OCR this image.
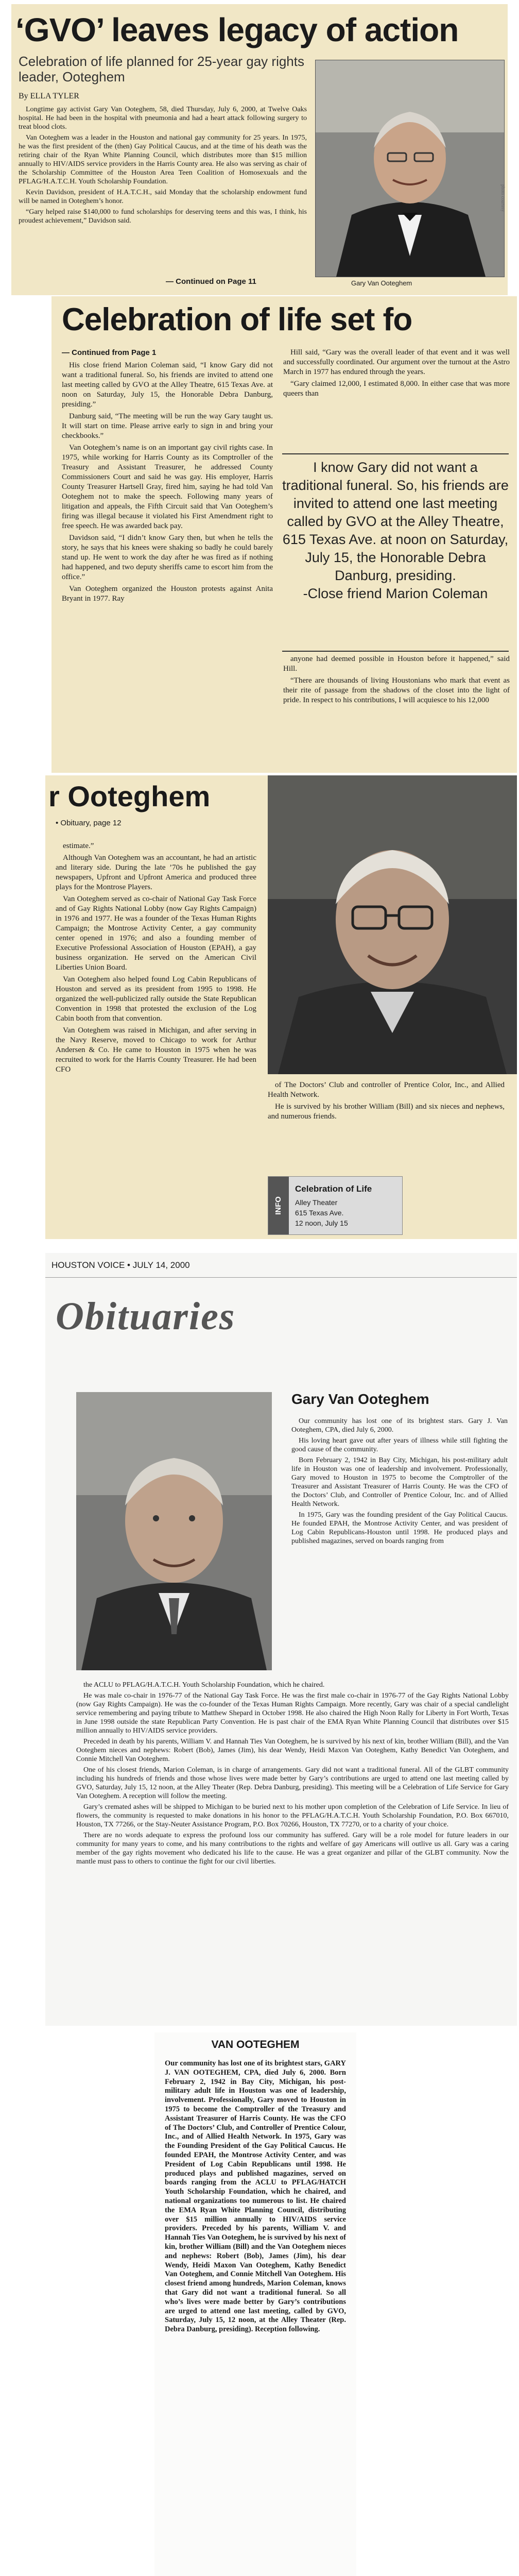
‘GVO’ leaves legacy of action
Celebration of life planned for 25-year gay rights leader, Ooteghem
By ELLA TYLER

Longtime gay activist Gary Van Ooteghem, 58, died Thursday, July 6, 2000, at Twelve Oaks hospital. He had been in the hospital with pneumonia and had a heart attack following surgery to treat blood clots.

Van Ooteghem was a leader in the Houston and national gay community for 25 years. In 1975, he was the first president of the (then) Gay Political Caucus, and at the time of his death was the retiring chair of the Ryan White Planning Council, which distributes more than $15 million annually to HIV/AIDS service providers in the Harris County area. He also was serving as chair of the Scholarship Committee of the Houston Area Teen Coalition of Homosexuals and the PFLAG/H.A.T.C.H. Youth Scholarship Foundation.

Kevin Davidson, president of H.A.T.C.H., said Monday that the scholarship endowment fund will be named in Ooteghem’s honor.

“Gary helped raise $140,000 to fund scholarships for deserving teens and this was, I think, his proudest achievement,” Davidson said.

— Continued on Page 11
photo courtesy
Gary Van Ooteghem
Celebration of life set fo
— Continued from Page 1

His close friend Marion Coleman said, “I know Gary did not want a traditional funeral. So, his friends are invited to attend one last meeting called by GVO at the Alley Theatre, 615 Texas Ave. at noon on Saturday, July 15, the Honorable Debra Danburg, presiding.”

Danburg said, “The meeting will be run the way Gary taught us. It will start on time. Please arrive early to sign in and bring your checkbooks.”

Van Ooteghem’s name is on an important gay civil rights case. In 1975, while working for Harris County as its Comptroller of the Treasury and Assistant Treasurer, he addressed County Commissioners Court and said he was gay. His employer, Harris County Treasurer Hartsell Gray, fired him, saying he had told Van Ooteghem not to make the speech. Following many years of litigation and appeals, the Fifth Circuit said that Van Ooteghem’s firing was illegal because it violated his First Amendment right to free speech. He was awarded back pay.

Davidson said, “I didn’t know Gary then, but when he tells the story, he says that his knees were shaking so badly he could barely stand up. He went to work the day after he was fired as if nothing had happened, and two deputy sheriffs came to escort him from the office.”

Van Ooteghem organized the Houston protests against Anita Bryant in 1977. Ray

Hill said, “Gary was the overall leader of that event and it was well and successfully coordinated. Our argument over the turnout at the Astro March in 1977 has endured through the years.

“Gary claimed 12,000, I estimated 8,000. In either case that was more queers than

I know Gary did not want a traditional funeral. So, his friends are invited to attend one last meeting called by GVO at the Alley Theatre, 615 Texas Ave. at noon on Saturday, July 15, the Honorable Debra Danburg, presiding.
-Close friend Marion Coleman

anyone had deemed possible in Houston before it happened,” said Hill.

“There are thousands of living Houstonians who mark that event as their rite of passage from the shadows of the closet into the light of pride. In respect to his contributions, I will acquiesce to his 12,000

r Ooteghem
• Obituary, page 12

estimate.”

Although Van Ooteghem was an accountant, he had an artistic and literary side. During the late ’70s he published the gay newspapers, Upfront and Upfront America and produced three plays for the Montrose Players.

Van Ooteghem served as co-chair of National Gay Task Force and of Gay Rights National Lobby (now Gay Rights Campaign) in 1976 and 1977. He was a founder of the Texas Human Rights Campaign; the Montrose Activity Center, a gay community center opened in 1976; and also a founding member of Executive Professional Association of Houston (EPAH), a gay business organization. He served on the American Civil Liberties Union Board.

Van Ooteghem also helped found Log Cabin Republicans of Houston and served as its president from 1995 to 1998. He organized the well-publicized rally outside the State Republican Convention in 1998 that protested the exclusion of the Log Cabin booth from that convention.

Van Ooteghem was raised in Michigan, and after serving in the Navy Reserve, moved to Chicago to work for Arthur Andersen & Co. He came to Houston in 1975 when he was recruited to work for the Harris County Treasurer. He had been CFO

of The Doctors’ Club and controller of Prentice Color, Inc., and Allied Health Network.

He is survived by his brother William (Bill) and six nieces and nephews, and numerous friends.

INFO
Celebration of Life
Alley Theater
615 Texas Ave.
12 noon, July 15
HOUSTON VOICE • JULY 14, 2000
Obituaries
Gary Van Ooteghem

Our community has lost one of its brightest stars. Gary J. Van Ooteghem, CPA, died July 6, 2000.

His loving heart gave out after years of illness while still fighting the good cause of the community.

Born February 2, 1942 in Bay City, Michigan, his post-military adult life in Houston was one of leadership and involvement. Professionally, Gary moved to Houston in 1975 to become the Comptroller of the Treasurer and Assistant Treasurer of Harris County. He was the CFO of the Doctors’ Club, and Controller of Prentice Colour, Inc. and of Allied Health Network.

In 1975, Gary was the founding president of the Gay Political Caucus. He founded EPAH, the Montrose Activity Center, and was president of Log Cabin Republicans-Houston until 1998. He produced plays and published magazines, served on boards ranging from

the ACLU to PFLAG/H.A.T.C.H. Youth Scholarship Foundation, which he chaired.

He was male co-chair in 1976-77 of the National Gay Task Force. He was the first male co-chair in 1976-77 of the Gay Rights National Lobby (now Gay Rights Campaign). He was the co-founder of the Texas Human Rights Campaign. More recently, Gary was chair of a special candlelight service remembering and paying tribute to Matthew Shepard in October 1998. He also chaired the High Noon Rally for Liberty in Fort Worth, Texas in June 1998 outside the state Republican Party Convention. He is past chair of the EMA Ryan White Planning Council that distributes over $15 million annually to HIV/AIDS service providers.

Preceded in death by his parents, William V. and Hannah Ties Van Ooteghem, he is survived by his next of kin, brother William (Bill), and the Van Ooteghem nieces and nephews: Robert (Bob), James (Jim), his dear Wendy, Heidi Maxon Van Ooteghem, Kathy Benedict Van Ooteghem, and Connie Mitchell Van Ooteghem.

One of his closest friends, Marion Coleman, is in charge of arrangements. Gary did not want a traditional funeral. All of the GLBT community including his hundreds of friends and those whose lives were made better by Gary’s contributions are urged to attend one last meeting called by GVO, Saturday, July 15, 12 noon, at the Alley Theater (Rep. Debra Danburg, presiding). This meeting will be a Celebration of Life Service for Gary Van Ooteghem. A reception will follow the meeting.

Gary’s cremated ashes will be shipped to Michigan to be buried next to his mother upon completion of the Celebration of Life Service. In lieu of flowers, the community is requested to make donations in his honor to the PFLAG/H.A.T.C.H. Youth Scholarship Foundation, P.O. Box 667010, Houston, TX 77266, or the Stay-Neuter Assistance Program, P.O. Box 70266, Houston, TX 77270, or to a charity of your choice.

There are no words adequate to express the profound loss our community has suffered. Gary will be a role model for future leaders in our community for many years to come, and his many contributions to the rights and welfare of gay Americans will outlive us all. Gary was a caring member of the gay rights movement who dedicated his life to the cause. He was a great organizer and pillar of the GLBT community. Now the mantle must pass to others to continue the fight for our civil liberties.

VAN OOTEGHEM
Our community has lost one of its brightest stars, GARY J. VAN OOTEGHEM, CPA, died July 6, 2000. Born February 2, 1942 in Bay City, Michigan, his post-military adult life in Houston was one of leadership, involvement. Professionally, Gary moved to Houston in 1975 to become the Comptroller of the Treasury and Assistant Treasurer of Harris County. He was the CFO of The Doctors’ Club, and Controller of Prentice Colour, Inc., and of Allied Health Network. In 1975, Gary was the Founding President of the Gay Political Caucus. He founded EPAH, the Montrose Activity Center, and was President of Log Cabin Republicans until 1998. He produced plays and published magazines, served on boards ranging from the ACLU to PFLAG/HATCH Youth Scholarship Foundation, which he chaired, and national organizations too numerous to list. He chaired the EMA Ryan White Planning Council, distributing over $15 million annually to HIV/AIDS service providers. Preceded by his parents, William V. and Hannah Ties Van Ooteghem, he is survived by his next of kin, brother William (Bill) and the Van Ooteghem nieces and nephews: Robert (Bob), James (Jim), his dear Wendy, Heidi Maxon Van Ooteghem, Kathy Benedict Van Ooteghem, and Connie Mitchell Van Ooteghem. His closest friend among hundreds, Marion Coleman, knows that Gary did not want a traditional funeral. So all who’s lives were made better by Gary’s contributions are urged to attend one last meeting, called by GVO, Saturday, July 15, 12 noon, at the Alley Theater (Rep. Debra Danburg, presiding). Reception following.
